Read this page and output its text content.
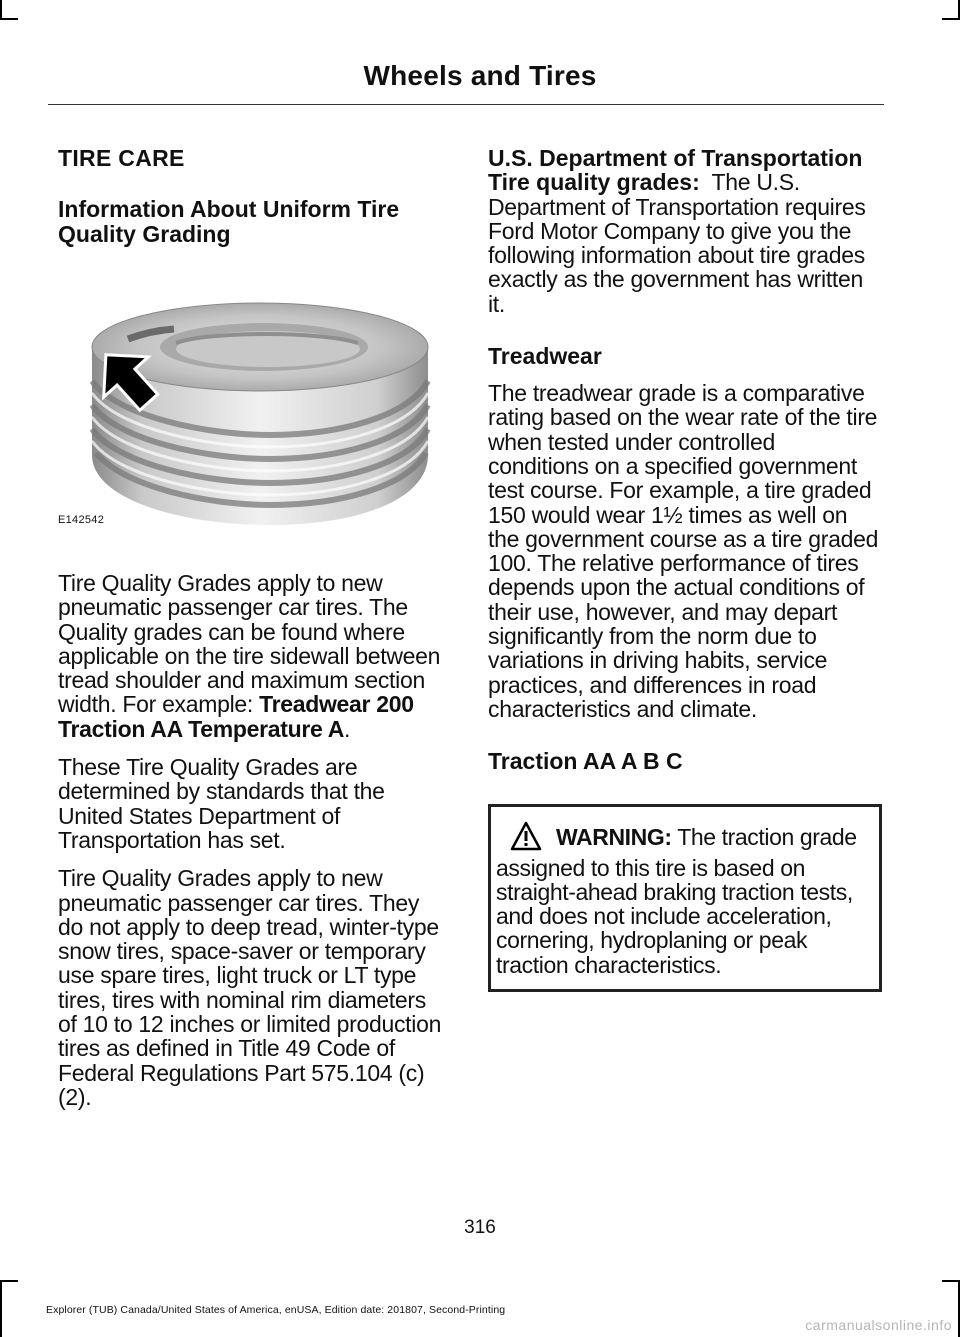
Wheels and Tires
TIRE CARE
Information About Uniform Tire Quality Grading
E142542

Tire Quality Grades apply to new pneumatic passenger car tires. The Quality grades can be found where applicable on the tire sidewall between tread shoulder and maximum section width. For example: Treadwear 200 Traction AA Temperature A.

These Tire Quality Grades are determined by standards that the United States Department of Transportation has set.

Tire Quality Grades apply to new pneumatic passenger car tires. They do not apply to deep tread, winter-type snow tires, space-saver or temporary use spare tires, light truck or LT type tires, tires with nominal rim diameters of 10 to 12 inches or limited production tires as defined in Title 49 Code of Federal Regulations Part 575.104 (c)(2).

U.S. Department of Transportation Tire quality grades: The U.S. Department of Transportation requires Ford Motor Company to give you the following information about tire grades exactly as the government has written it.

Treadwear

The treadwear grade is a comparative rating based on the wear rate of the tire when tested under controlled conditions on a specified government test course. For example, a tire graded 150 would wear 1½ times as well on the government course as a tire graded 100. The relative performance of tires depends upon the actual conditions of their use, however, and may depart significantly from the norm due to variations in driving habits, service practices, and differences in road characteristics and climate.

Traction AA A B C

WARNING: The traction grade assigned to this tire is based on straight-ahead braking traction tests, and does not include acceleration, cornering, hydroplaning or peak traction characteristics.

316
Explorer (TUB) Canada/United States of America, enUSA, Edition date: 201807, Second-Printing
carmanualsonline.info
